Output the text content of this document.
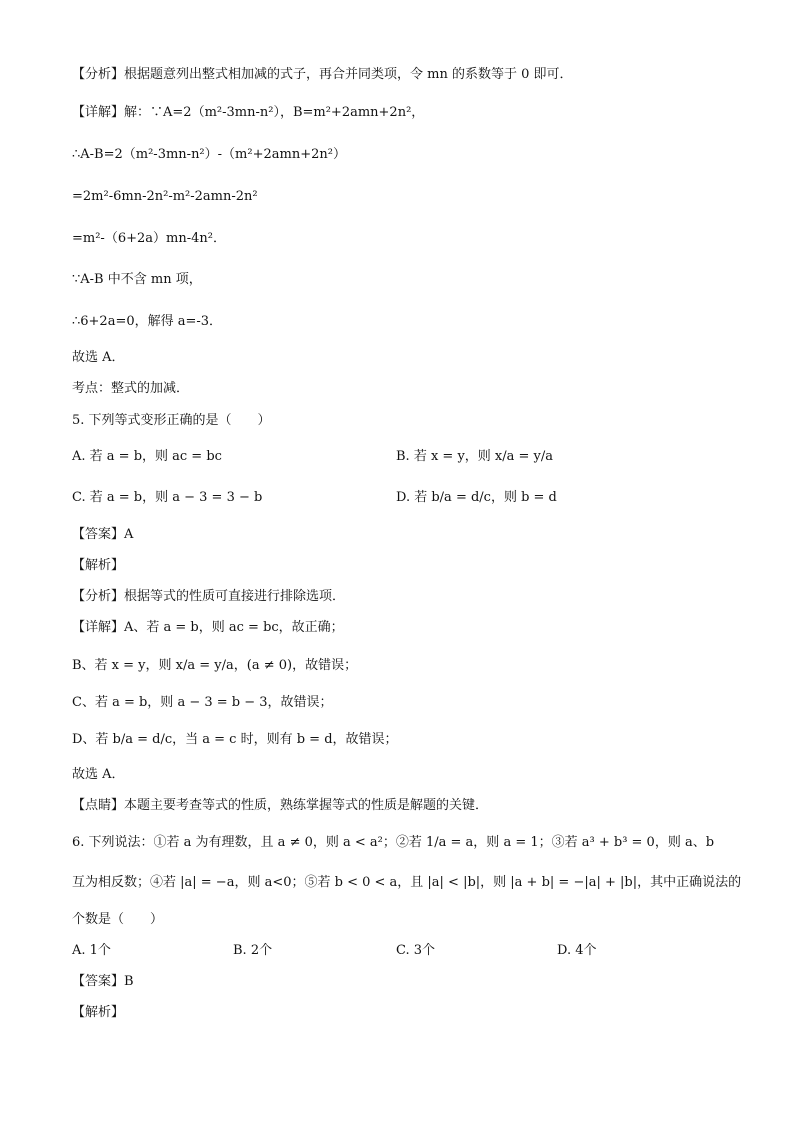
【分析】根据题意列出整式相加减的式子，再合并同类项，令 mn 的系数等于 0 即可．
【详解】解：∵A=2（m²-3mn-n²），B=m²+2amn+2n²，
∴A-B=2（m²-3mn-n²）-（m²+2amn+2n²）
=2m²-6mn-2n²-m²-2amn-2n²
=m²-（6+2a）mn-4n²．
∵A-B 中不含 mn 项，
∴6+2a=0，解得 a=-3．
故选 A．
考点：整式的加减．
5. 下列等式变形正确的是（　　）
A. 若 a = b，则 ac = bc	B. 若 x = y，则 x/a = y/a
C. 若 a = b，则 a − 3 = 3 − b	D. 若 b/a = d/c，则 b = d
【答案】A
【解析】
【分析】根据等式的性质可直接进行排除选项．
【详解】A、若 a = b，则 ac = bc，故正确；
B、若 x = y，则 x/a = y/a，(a ≠ 0)，故错误；
C、若 a = b，则 a − 3 = b − 3，故错误；
D、若 b/a = d/c，当 a = c 时，则有 b = d，故错误；
故选 A．
【点睛】本题主要考查等式的性质，熟练掌握等式的性质是解题的关键．
6. 下列说法：①若 a 为有理数，且 a ≠ 0，则 a < a²；②若 1/a = a，则 a = 1；③若 a³ + b³ = 0，则 a、b
互为相反数；④若 |a| = −a，则 a<0；⑤若 b < 0 < a，且 |a| < |b|，则 |a + b| = −|a| + |b|，其中正确说法的
个数是（　　）
A. 1个	B. 2个	C. 3个	D. 4个
【答案】B
【解析】
